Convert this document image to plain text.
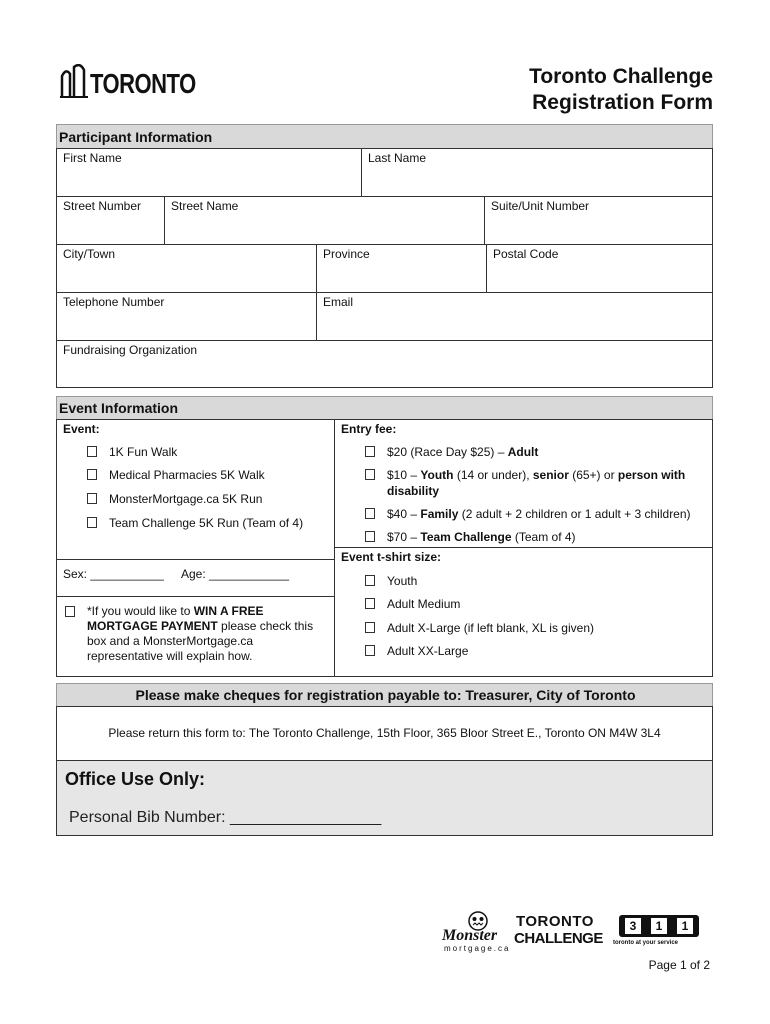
TORONTO	Toronto Challenge
Registration Form
Participant Information
First Name	Last Name
Street Number	Street Name	Suite/Unit Number
City/Town	Province	Postal Code
Telephone Number	Email
Fundraising Organization
Event Information
Event:
1K Fun Walk
Medical Pharmacies 5K Walk
MonsterMortgage.ca 5K Run
Team Challenge 5K Run (Team of 4)
Sex: ___________ Age: ____________
*If you would like to WIN A FREE MORTGAGE PAYMENT please check this box and a MonsterMortgage.ca representative will explain how.
Entry fee:
$20 (Race Day $25) – Adult
$10 – Youth (14 or under), senior (65+) or person with disability
$40 – Family (2 adult + 2 children or 1 adult + 3 children)
$70 – Team Challenge (Team of 4)
Event t-shirt size:
Youth
Adult Medium
Adult X-Large (if left blank, XL is given)
Adult XX-Large
Please make cheques for registration payable to: Treasurer, City of Toronto
Please return this form to: The Toronto Challenge, 15th Floor, 365 Bloor Street E., Toronto ON M4W 3L4
Office Use Only:
Personal Bib Number: _________________
Monster
mortgage.ca
TORONTO
CHALLENGE
3	1	1
toronto at your service
Page 1 of 2
